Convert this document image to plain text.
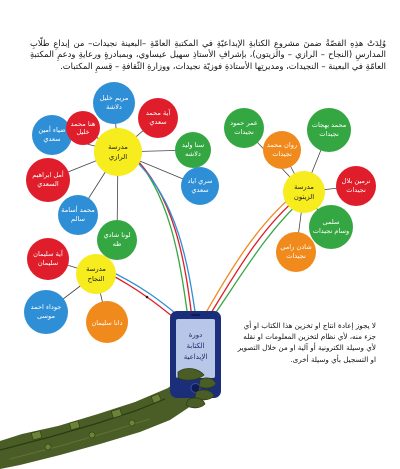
وُلِدَتْ هذِهِ القصّةُ ضمنَ مشروعِ الكتابةِ الإبداعيّةِ في المكتبةِ العامّةِ –البعينة نجيدات– من إبداعِ طلّابِ المدارسِ (النجاح – الرازي – والزيتون)، بإشرافِ الأستاذِ سهيل عيساوي، وبمبادرةٍ ورعايةِ ودعمِ المكتبةِ العامّةِ في البعينة – النجيدات، ومديرتِها الأستاذةِ فوزيّة نجيدات، ووزارةِ الثّقافةِ – قِسمِ المكتبات.
مريم خليل
دلاشة
آية محمد
سعدي
ضياء أمين
سعدي
هنا محمد
خليل
سنا وليد
دلاشه
أمل ابراهيم
السعدي	سري اياد
سعدي
محمد أسامة
سالم
لونا شادي
طه
مدرسة
الرازي
عمر حمود
نجيدات
محمد بهجات
نجيدات
روان محمد
نجيدات
نرمين بلال
نجيدات
سلمى
وسام نجيدات
شادن رامي
نجيدات
مدرسة
الزيتون
آية سليمان
سليمان
جوداء احمد
موسى
دانا سليمان
مدرسة
النجاح
دورة
الكتابة
الإبداعية
لا يجوز إعادة انتاج او تخزين هذا الكتاب او أي جزء منه، لأي نظام لتخزين المعلومات او نقله لأي وسيلة الكترونية أو آلية او من خلال التصوير او التسجيل بأي وسيلة أخرى.
